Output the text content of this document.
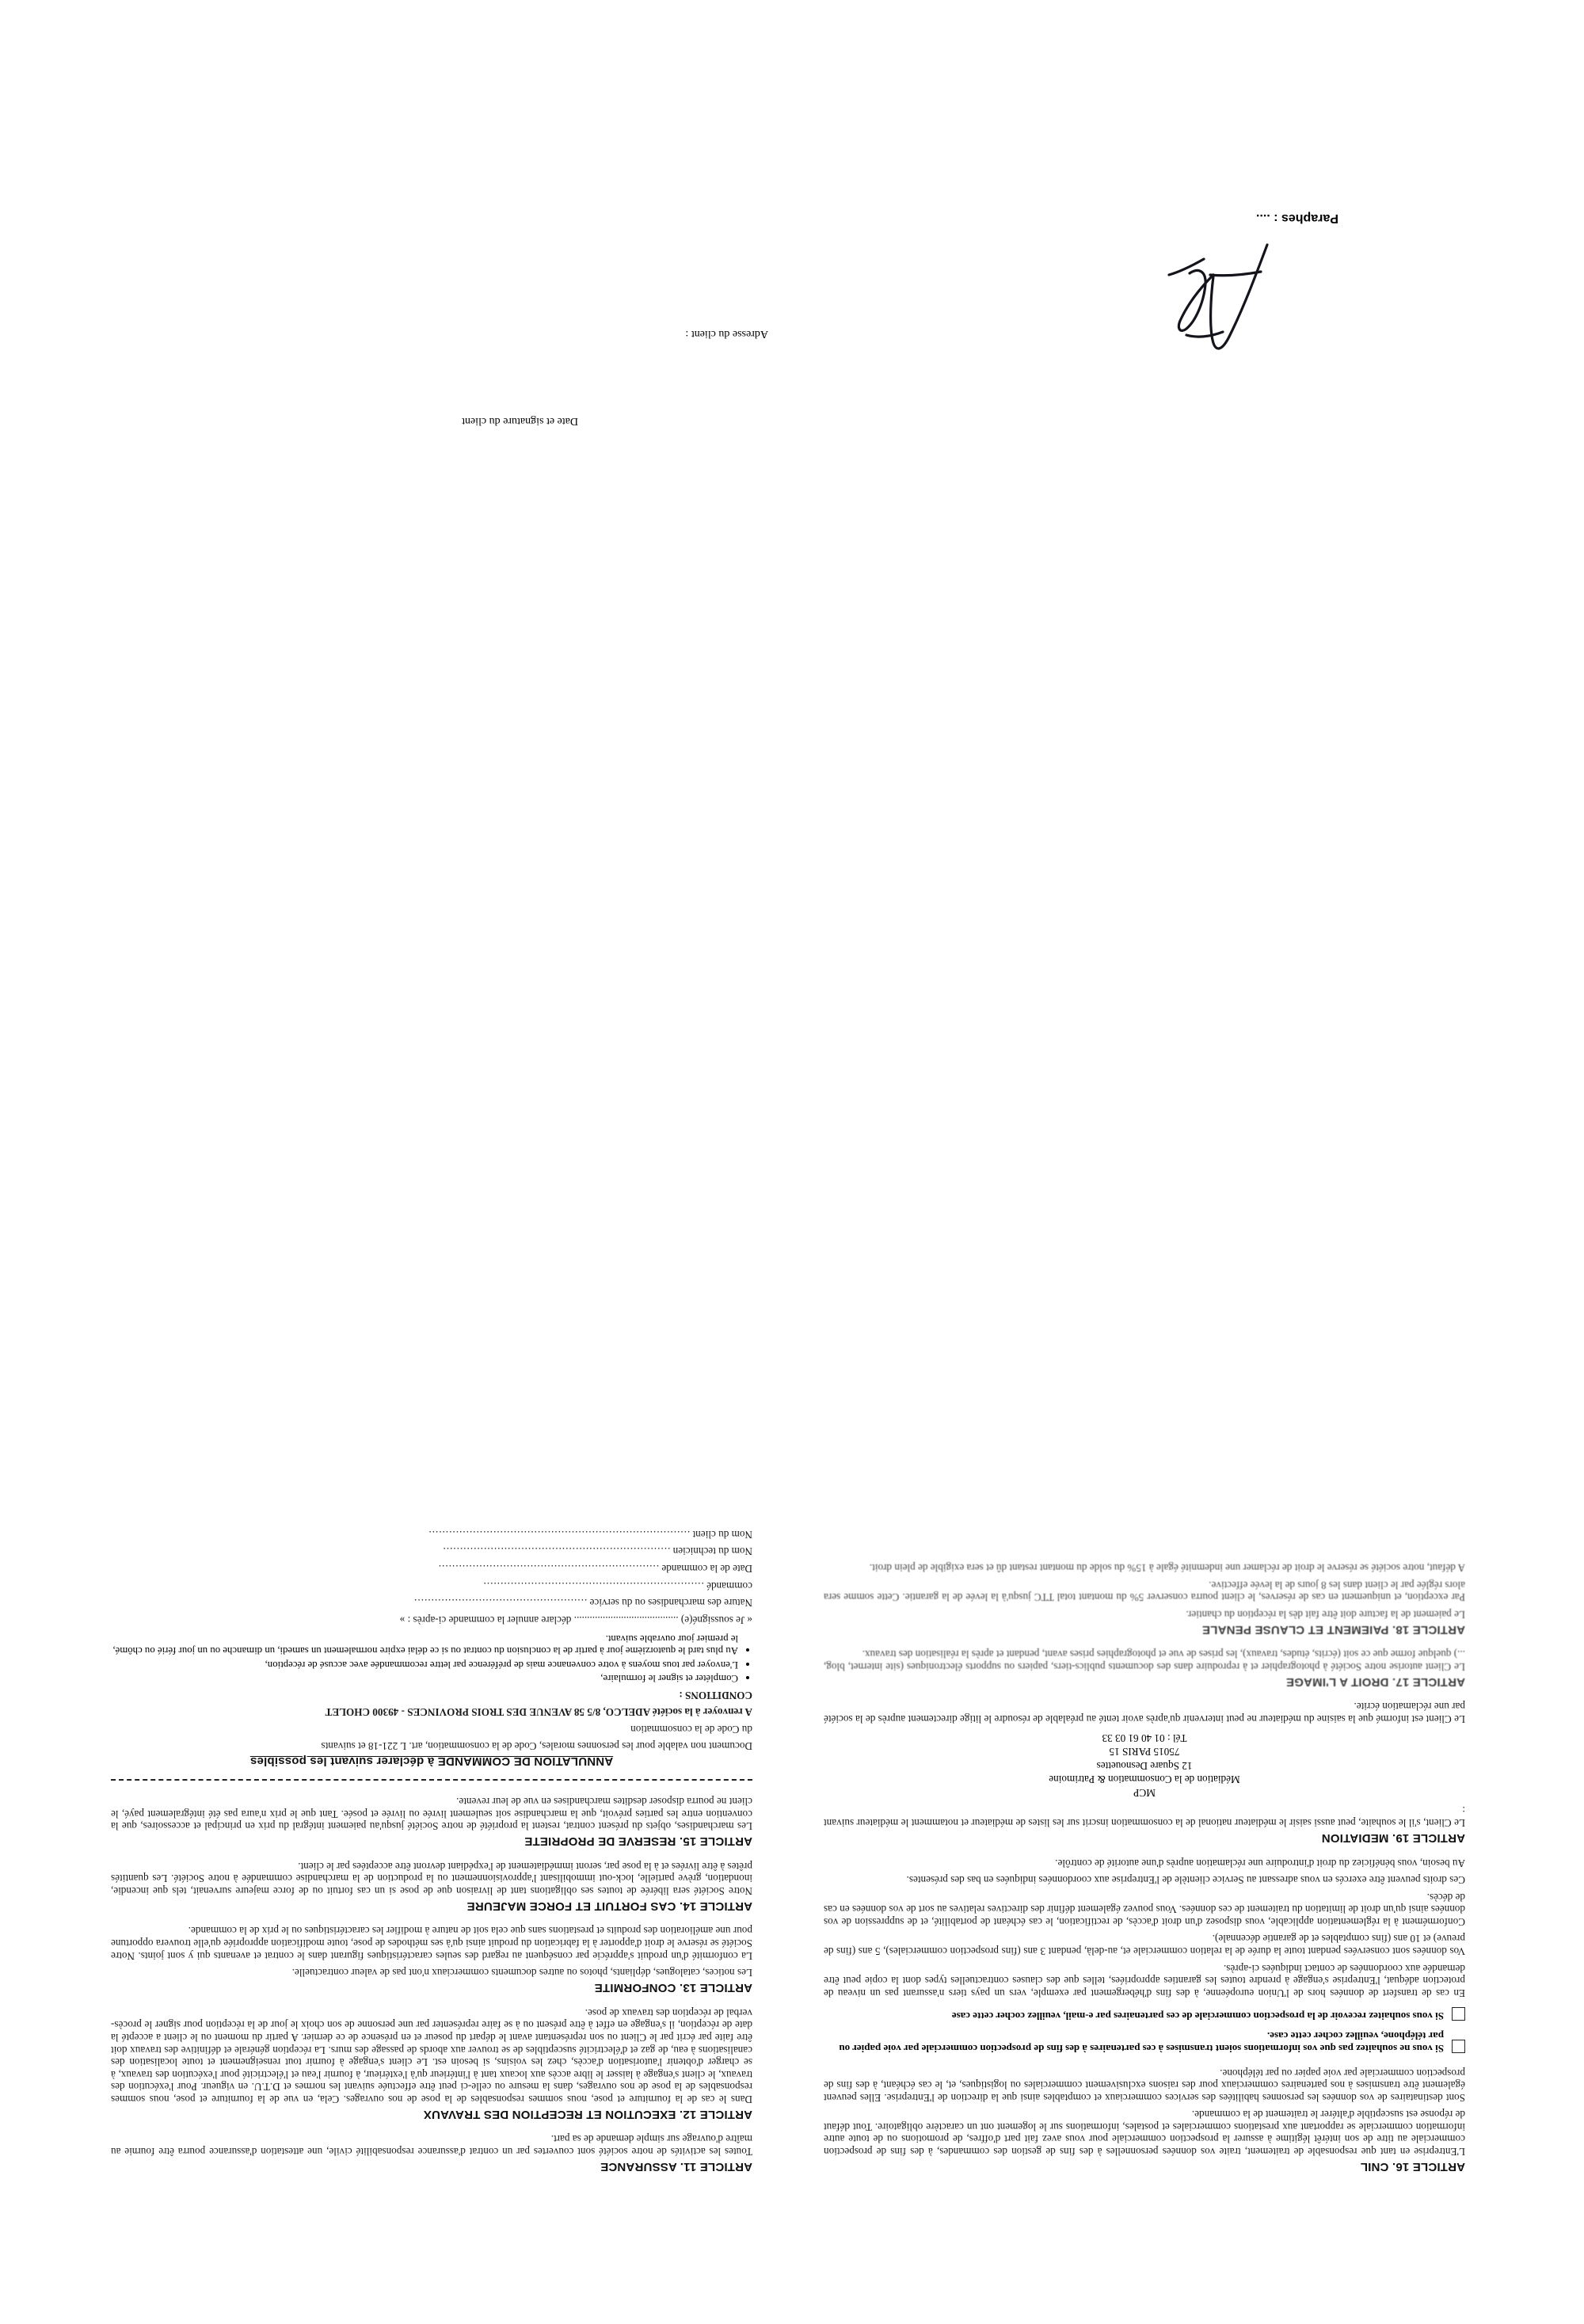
ARTICLE 16. CNIL

L'Entreprise en tant que responsable de traitement, traite vos données personnelles à des fins de gestion des commandes, à des fins de prospection commerciale au titre de son intérêt légitime à assurer la prospection commerciale pour vous avez fait part d'offres, de promotions ou de toute autre information commerciale se rapportant aux prestations commerciales et postales, informations sur le logement ont un caractère obligatoire. Tout défaut de réponse est susceptible d'altérer le traitement de la commande.

Sont destinataires de vos données les personnes habilitées des services commerciaux et comptables ainsi que la direction de l'Entreprise. Elles peuvent également être transmises à nos partenaires commerciaux pour des raisons exclusivement commerciales ou logistiques, et, le cas échéant, à des fins de prospection commerciale par voie papier ou par téléphone.

Si vous ne souhaitez pas que vos informations soient transmises à ces partenaires à des fins de prospection commerciale par voie papier ou par téléphone, veuillez cocher cette case.
Si vous souhaitez recevoir de la prospection commerciale de ces partenaires par e-mail, veuillez cocher cette case

En cas de transfert de données hors de l'Union européenne, à des fins d'hébergement par exemple, vers un pays tiers n'assurant pas un niveau de protection adéquat, l'Entreprise s'engage à prendre toutes les garanties appropriées, telles que des clauses contractuelles types dont la copie peut être demandée aux coordonnées de contact indiquées ci-après.

Vos données sont conservées pendant toute la durée de la relation commerciale et, au-delà, pendant 3 ans (fins prospection commerciales), 5 ans (fins de preuve) et 10 ans (fins comptables et de garantie décennale).

Conformément à la réglementation applicable, vous disposez d'un droit d'accès, de rectification, le cas échéant de portabilité, et de suppression de vos données ainsi qu'un droit de limitation du traitement de ces données. Vous pouvez également définir des directives relatives au sort de vos données en cas de décès.

Ces droits peuvent être exercés en vous adressant au Service clientèle de l'Entreprise aux coordonnées indiquées en bas des présentes.

Au besoin, vous bénéficiez du droit d'introduire une réclamation auprès d'une autorité de contrôle.

ARTICLE 19. MEDIATION

Le Client, s'il le souhaite, peut aussi saisir le médiateur national de la consommation inscrit sur les listes de médiateur et notamment le médiateur suivant :

MCP
Médiation de la Consommation & Patrimoine
12 Square Desnouettes
75015 PARIS 15
Tél : 01 40 61 03 33

Le Client est informé que la saisine du médiateur ne peut intervenir qu'après avoir tenté au préalable de résoudre le litige directement auprès de la société par une réclamation écrite.

ARTICLE 17. DROIT A L'IMAGE

Le Client autorise notre Société à photographier et à reproduire dans des documents publics-tiers, papiers ou supports électroniques (site internet, blog, ...) quelque forme que ce soit (écrits, études, travaux), les prises de vue et photographies prises avant, pendant et après la réalisation des travaux.

ARTICLE 18. PAIEMENT ET CLAUSE PENALE

Le paiement de la facture doit être fait dès la réception du chantier.

Par exception, et uniquement en cas de réserves, le client pourra conserver 5% du montant total TTC jusqu'à la levée de la garantie. Cette somme sera alors réglée par le client dans les 8 jours de la levée effective.

A défaut, notre société se réserve le droit de réclamer une indemnité égale à 15% du solde du montant restant dû et sera exigible de plein droit.

ARTICLE 11. ASSURANCE

Toutes les activités de notre société sont couvertes par un contrat d'assurance responsabilité civile, une attestation d'assurance pourra être fournie au maître d'ouvrage sur simple demande de sa part.

ARTICLE 12. EXECUTION ET RECEPTION DES TRAVAUX

Dans le cas de la fourniture et pose, nous sommes responsables de la pose de nos ouvrages. Cela, en vue de la fourniture et pose, nous sommes responsables de la pose de nos ouvrages, dans la mesure ou celle-ci peut être effectuée suivant les normes et D.T.U. en vigueur. Pour l'exécution des travaux, le client s'engage à laisser le libre accès aux locaux tant à l'intérieur qu'à l'extérieur, à fournir l'eau et l'électricité pour l'exécution des travaux, à se charger d'obtenir l'autorisation d'accès, chez les voisins, si besoin est. Le client s'engage à fournir tout renseignement et toute localisation des canalisations à eau, de gaz et d'électricité susceptibles de se trouver aux abords de passage des murs. La réception générale et définitive des travaux doit être faite par écrit par le Client ou son représentant avant le départ du poseur et en présence de ce dernier. A partir du moment ou le client a accepté la date de réception, il s'engage en effet à être présent ou à se faire représenter par une personne de son choix le jour de la réception pour signer le procès-verbal de réception des travaux de pose.

ARTICLE 13. CONFORMITE

Les notices, catalogues, dépliants, photos ou autres documents commerciaux n'ont pas de valeur contractuelle.

La conformité d'un produit s'apprécie par conséquent au regard des seules caractéristiques figurant dans le contrat et avenants qui y sont joints. Notre Société se réserve le droit d'apporter à la fabrication du produit ainsi qu'à ses méthodes de pose, toute modification appropriée qu'elle trouvera opportune pour une amélioration des produits et prestations sans que cela soit de nature à modifier les caractéristiques ou le prix de la commande.

ARTICLE 14. CAS FORTUIT ET FORCE MAJEURE

Notre Société sera libérée de toutes ses obligations tant de livraison que de pose si un cas fortuit ou de force majeure survenait, tels que incendie, inondation, grève partielle, lock-out immobilisant l'approvisionnement ou la production de la marchandise commandée à notre Société. Les quantités prêtes à être livrées et à la pose par, seront immédiatement de l'expédiant devront être acceptées par le client.

ARTICLE 15. RESERVE DE PROPRIETE

Les marchandises, objets du présent contrat, restent la propriété de notre Société jusqu'au paiement intégral du prix en principal et accessoires, que la convention entre les parties prévoit, que la marchandise soit seulement livrée ou livrée et posée. Tant que le prix n'aura pas été intégralement payé, le client ne pourra disposer desdites marchandises en vue de leur revente.

ANNULATION DE COMMANDE à déclarer suivant les possibles

Document non valable pour les personnes morales, Code de la consommation, art. L 221-18 et suivants

du Code de la consommation

A renvoyer à la société ADELCO, 8/5 58 AVENUE DES TROIS PROVINCES - 49300 CHOLET

CONDITIONS :

• Compléter et signer le formulaire,
• L'envoyer par tous moyens à votre convenance mais de préférence par lettre recommandée avec accusé de réception,
• Au plus tard le quatorzième jour à partir de la conclusion du contrat ou si ce délai expire normalement un samedi, un dimanche ou un jour férié ou chômé, le premier jour ouvrable suivant.

« Je soussigné(e) ........................................ déclare annuler la commande ci-après : »

Nature des marchandises ou du service ...................................................

commandé .................................................................

Date de la commande .................................................................

Nom du technicien ...................................................................

Nom du client .............................................................................

Paraphes : ....
Adresse du client :
Date et signature du client
